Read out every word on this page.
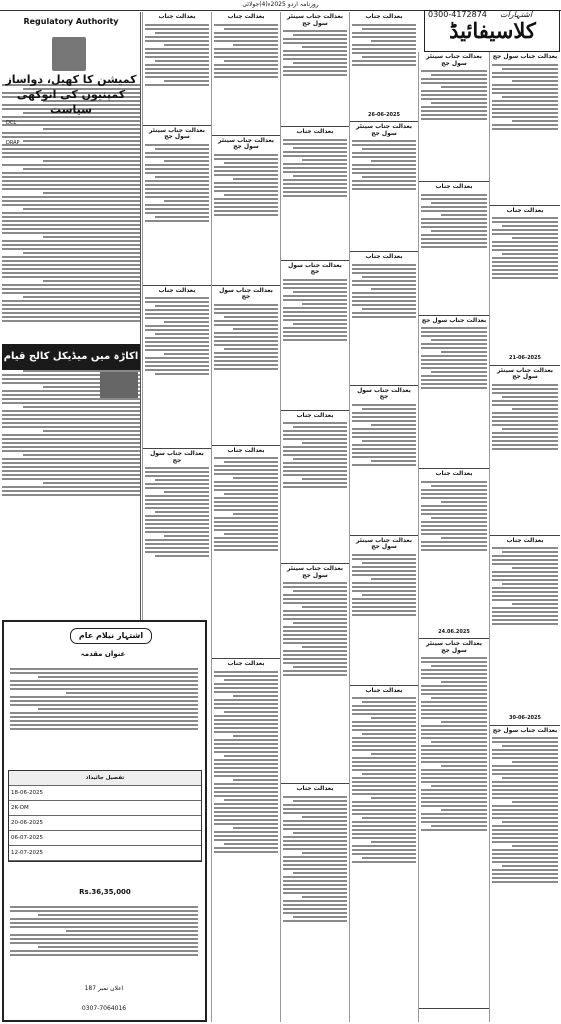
روزنامہ اردو 2025ء(4)جولائی
کلاسیفائیڈ
0300-4172874 اشتہارات
Regulatory Authority
کمیشن کا کھیل، دواساز کمپنیوں کی انوکھی سیاست
DRAP
DCL
اکاڑہ میں میڈیکل کالج قیام
بعدالت جناب
بعدالت جناب سینئر سول جج
بعدالت جناب
بعدالت جناب سول جج
بعدالت جناب
بعدالت جناب سینئر سول جج
بعدالت جناب سول جج
بعدالت جناب
بعدالت جناب
بعدالت جناب سینئر سول جج
بعدالت جناب
بعدالت جناب سول جج
بعدالت جناب
بعدالت جناب سینئر سول جج
بعدالت جناب
بعدالت جناب
26-06-2025
بعدالت جناب سینئر سول جج
بعدالت جناب
بعدالت جناب سول جج
بعدالت جناب سینئر سول جج
بعدالت جناب
بعدالت جناب سینئر سول جج
بعدالت جناب
بعدالت جناب سول جج
بعدالت جناب
24.06.2025
بعدالت جناب سینئر سول جج
بعدالت جناب سول جج
بعدالت جناب
21-06-2025
بعدالت جناب سینئر سول جج
بعدالت جناب
30-06-2025
بعدالت جناب سول جج
اشتہار نیلام عام
عنوان مقدمہ
تفصیل جائیداد
18-06-2025
2K-OM
20-06-2025
06-07-2025
12-07-2025
Rs.36,35,000
اعلان نمبر 187
0307-7064016
